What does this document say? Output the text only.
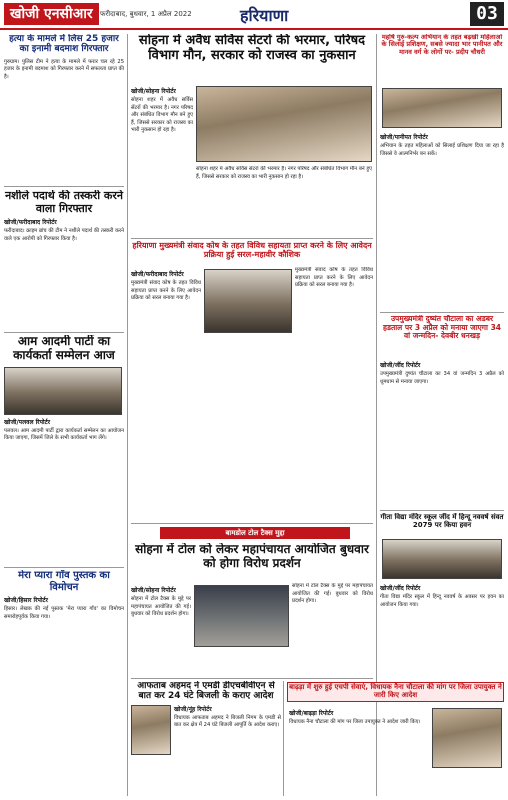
खोजी एनसीआर	फरीदाबाद, बुधवार, 1 अप्रैल 2022	हरियाणा	03
हत्या के मामले में लिस 25 हजार का इनामी बदमाश गिरफ्तार
गुरुग्राम। पुलिस टीम ने हत्या के मामले में फरार चल रहे 25 हजार के इनामी बदमाश को गिरफ्तार करने में सफलता प्राप्त की है।
नशीले पदार्थ की तस्करी करने वाला गिरफ्तार
खोजी/फरीदाबाद रिपोर्टर
फरीदाबाद। क्राइम ब्रांच की टीम ने नशीले पदार्थ की तस्करी करने वाले एक आरोपी को गिरफ्तार किया है।
आम आदमी पार्टी का कार्यकर्ता सम्मेलन आज
खोजी/पलवल रिपोर्टर
पलवल। आम आदमी पार्टी द्वारा कार्यकर्ता सम्मेलन का आयोजन किया जाएगा, जिसमें जिले के सभी कार्यकर्ता भाग लेंगे।
मेरा प्यारा गाँव पुस्तक का विमोचन
खोजी/हिसार रिपोर्टर
हिसार। लेखक की नई पुस्तक 'मेरा प्यारा गाँव' का विमोचन समारोहपूर्वक किया गया।
सोहना में अवैध सर्विस सेंटरों की भरमार, परिषद विभाग मौन, सरकार को राजस्व का नुकसान
खोजी/सोहना रिपोर्टर
सोहना शहर में अवैध सर्विस सेंटरों की भरमार है। नगर परिषद और संबंधित विभाग मौन बने हुए हैं, जिससे सरकार को राजस्व का भारी नुकसान हो रहा है।
सोहना शहर में अवैध सर्विस सेंटरों की भरमार है। नगर परिषद और संबंधित विभाग मौन बने हुए हैं, जिससे सरकार को राजस्व का भारी नुकसान हो रहा है।
हरियाणा मुख्यमंत्री संवाद कोष के तहत विविध सहायता प्राप्त करने के लिए आवेदन प्रक्रिया हुई सरल-महावीर कौशिक
खोजी/फरीदाबाद रिपोर्टर
मुख्यमंत्री संवाद कोष के तहत विविध सहायता प्राप्त करने के लिए आवेदन प्रक्रिया को सरल बनाया गया है।
मुख्यमंत्री संवाद कोष के तहत विविध सहायता प्राप्त करने के लिए आवेदन प्रक्रिया को सरल बनाया गया है।
बामडोल टोल टैक्स मुद्दा
सोहना में टोल को लेकर महापंचायत आयोजित बुधवार को होगा विरोध प्रदर्शन
खोजी/सोहना रिपोर्टर
सोहना में टोल टैक्स के मुद्दे पर महापंचायत आयोजित की गई। बुधवार को विरोध प्रदर्शन होगा।
सोहना में टोल टैक्स के मुद्दे पर महापंचायत आयोजित की गई। बुधवार को विरोध प्रदर्शन होगा।
आफताब अहमद ने एमडी डीएचबीवीएन से बात कर 24 घंटे बिजली के कराए आदेश
खोजी/नूंह रिपोर्टर
विधायक आफताब अहमद ने बिजली निगम के एमडी से बात कर क्षेत्र में 24 घंटे बिजली आपूर्ति के आदेश कराए।
महर्षि गुरु-कल्प अभियान के तहत बढ़खी महिलाओं के सिलाई प्रशिक्षण, सबसे ज्यादा भार पानीपत और मानव वर्ग के लोगों पर- प्रदीप चौधरी
खोजी/पानीपत रिपोर्टर
अभियान के तहत महिलाओं को सिलाई प्रशिक्षण दिया जा रहा है जिससे वे आत्मनिर्भर बन सकें।
उपमुख्यमंत्री दुष्यंत चौटाला का अडबर हडताल पर 3 अप्रैल को मनाया जाएगा 34 वां जन्मदिन- देवबीर धनखड़
खोजी/जींद रिपोर्टर
उपमुख्यमंत्री दुष्यंत चौटाला का 34 वां जन्मदिन 3 अप्रैल को धूमधाम से मनाया जाएगा।
गीता विद्या मंदिर स्कूल जींद में हिन्दू नववर्ष संवत 2079 पर किया हवन
खोजी/जींद रिपोर्टर
गीता विद्या मंदिर स्कूल में हिन्दू नववर्ष के अवसर पर हवन का आयोजन किया गया।
बाढ़ड़ा में शुरु हुई एचपी सेवाएं, विधायक नैना चौटाला की मांग पर जिला उपायुक्त ने जारी किए आदेश
खोजी/बाढ़ड़ा रिपोर्टर
विधायक नैना चौटाला की मांग पर जिला उपायुक्त ने आदेश जारी किए।
